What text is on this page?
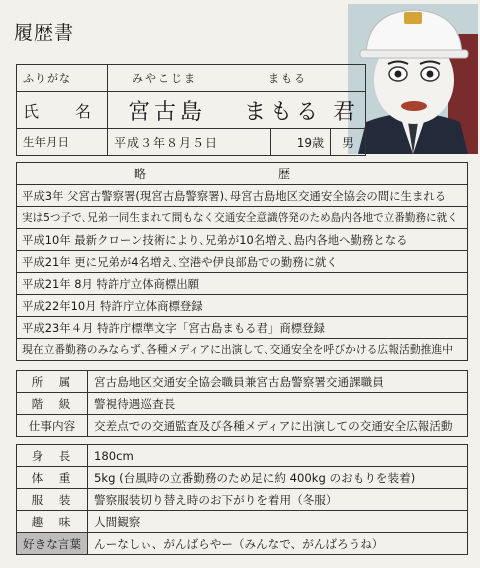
履歴書
ふりがな	みやこじま まもる		
氏　名	宮古島 まもる 君		
生年月日	平成３年８月５日	19歳	男
略　歴
平成3年 父宮古警察署(現宮古島警察署)､母宮古島地区交通安全協会の間に生まれる
実は5つ子で､兄弟一同生まれて間もなく交通安全意識啓発のため島内各地で立番勤務に就く
平成10年 最新クローン技術により､兄弟が10名増え､島内各地へ勤務となる
平成21年 更に兄弟が4名増え､空港や伊良部島での勤務に就く
平成21年 8月 特許庁立体商標出願
平成22年10月 特許庁立体商標登録
平成23年４月 特許庁標準文字「宮古島まもる君」商標登録
現在立番勤務のみならず､各種メディアに出演して､交通安全を呼びかける広報活動推進中
所　属	宮古島地区交通安全協会職員兼宮古島警察署交通課職員
階　級	警視待遇巡査長
仕事内容	交差点での交通監査及び各種メディアに出演しての交通安全広報活動
身　長	180cm
体　重	5kg (台風時の立番勤務のため足に約 400kg のおもりを装着)
服　装	警察服装切り替え時のお下がりを着用（冬服）
趣　味	人間観察
好きな言葉	んーなしぃ、がんばらやー（みんなで、がんばろうね）
